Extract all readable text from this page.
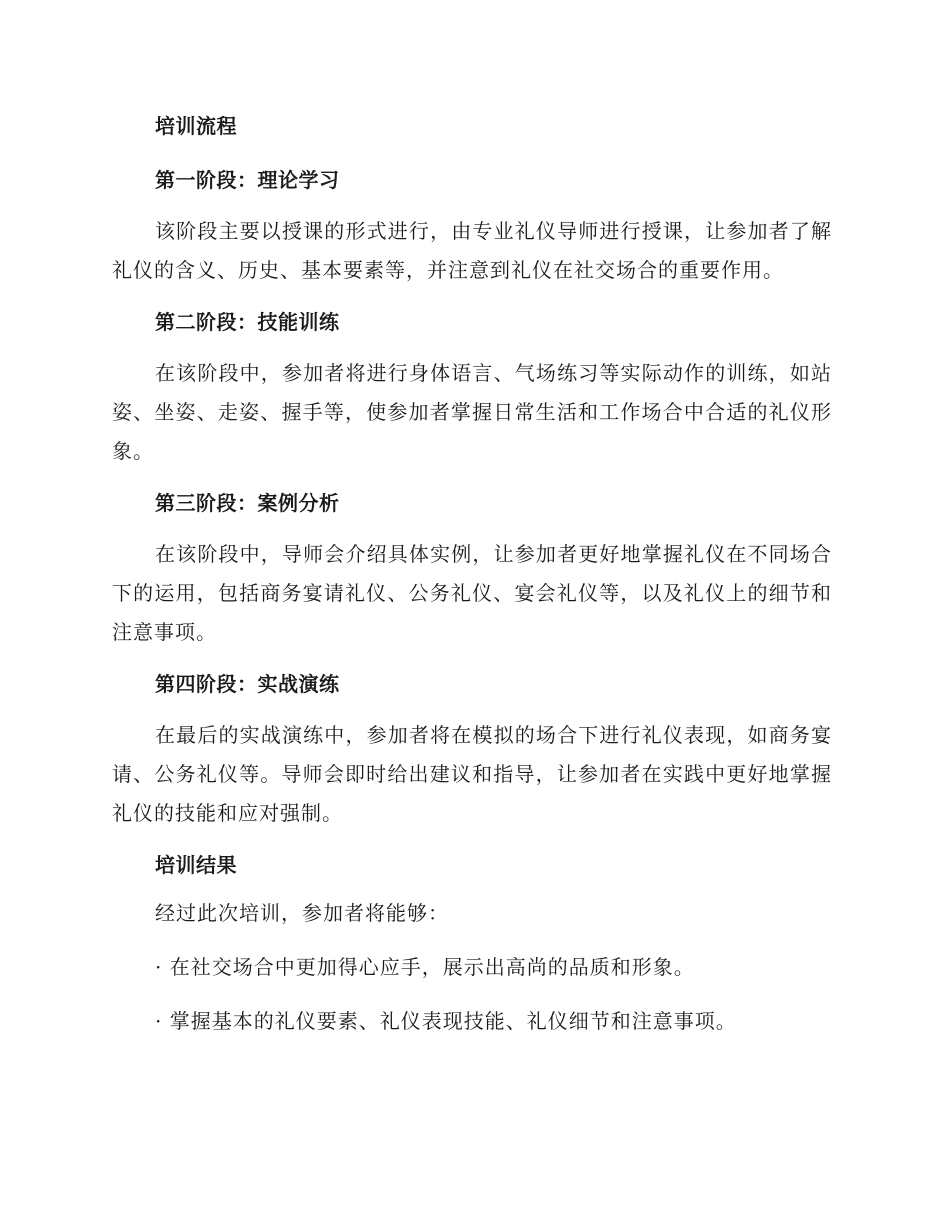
培训流程

第一阶段：理论学习

该阶段主要以授课的形式进行，由专业礼仪导师进行授课，让参加者了解礼仪的含义、历史、基本要素等，并注意到礼仪在社交场合的重要作用。

第二阶段：技能训练

在该阶段中，参加者将进行身体语言、气场练习等实际动作的训练，如站姿、坐姿、走姿、握手等，使参加者掌握日常生活和工作场合中合适的礼仪形象。

第三阶段：案例分析

在该阶段中，导师会介绍具体实例，让参加者更好地掌握礼仪在不同场合下的运用，包括商务宴请礼仪、公务礼仪、宴会礼仪等，以及礼仪上的细节和注意事项。

第四阶段：实战演练

在最后的实战演练中，参加者将在模拟的场合下进行礼仪表现，如商务宴请、公务礼仪等。导师会即时给出建议和指导，让参加者在实践中更好地掌握礼仪的技能和应对强制。

培训结果

经过此次培训，参加者将能够：

· 在社交场合中更加得心应手，展示出高尚的品质和形象。

· 掌握基本的礼仪要素、礼仪表现技能、礼仪细节和注意事项。
